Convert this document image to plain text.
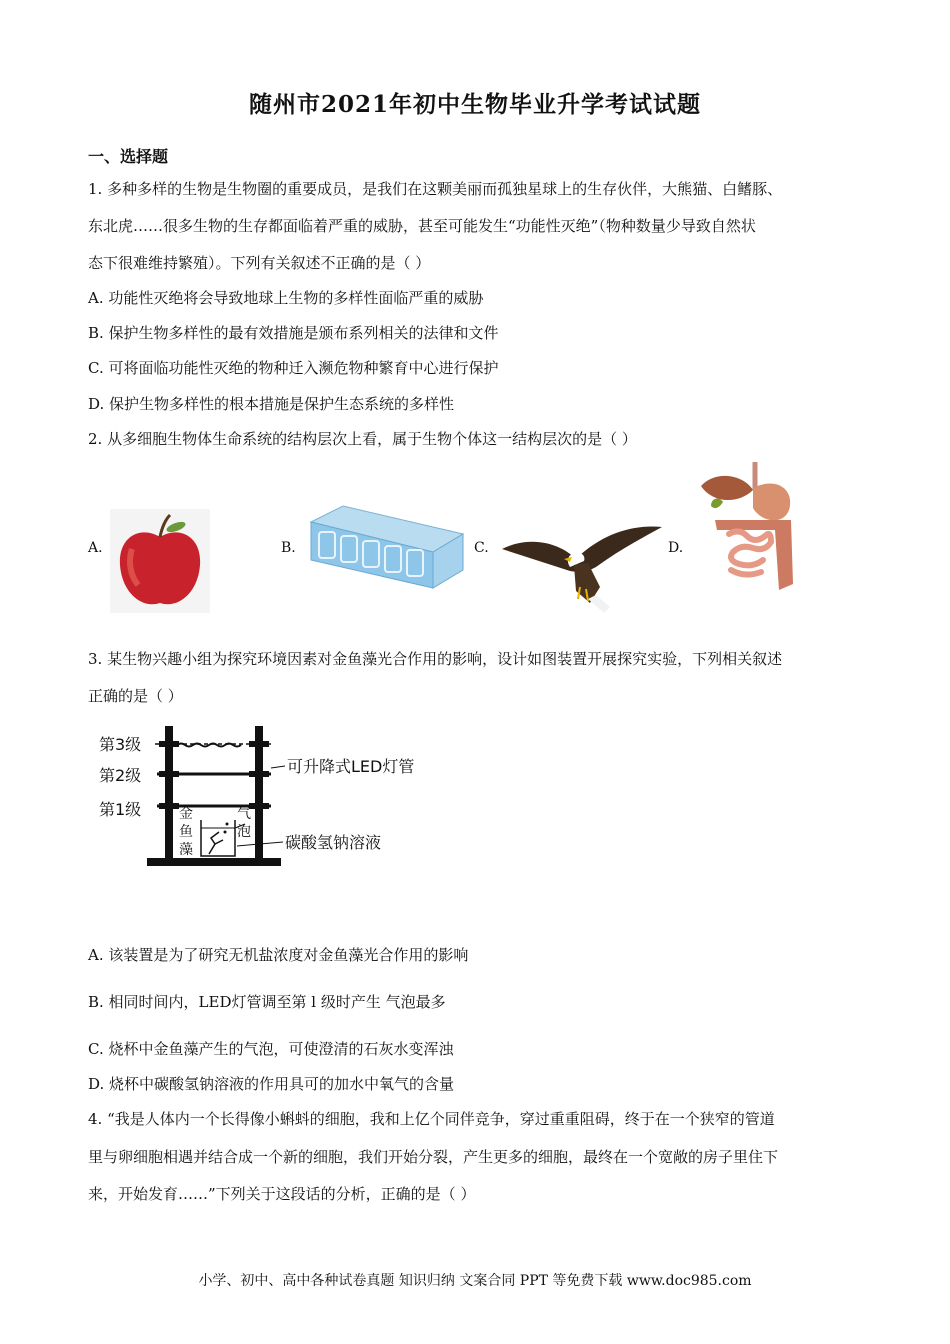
随州市2021年初中生物毕业升学考试试题
一、选择题
1. 多种多样的生物是生物圈的重要成员，是我们在这颗美丽而孤独星球上的生存伙伴，大熊猫、白鳍豚、
东北虎……很多生物的生存都面临着严重的威胁，甚至可能发生“功能性灭绝”（物种数量少导致自然状
态下很难维持繁殖）。下列有关叙述不正确的是（ ）
A. 功能性灭绝将会导致地球上生物的多样性面临严重的威胁
B. 保护生物多样性的最有效措施是颁布系列相关的法律和文件
C. 可将面临功能性灭绝的物种迁入濒危物种繁育中心进行保护
D. 保护生物多样性的根本措施是保护生态系统的多样性
2. 从多细胞生物体生命系统的结构层次上看，属于生物个体这一结构层次的是（ ）
A.	B.	C.	D.
3. 某生物兴趣小组为探究环境因素对金鱼藻光合作用的影响，设计如图装置开展探究实验，下列相关叙述
正确的是（ ）
第3级
第2级
第1级
可升降式LED灯管
金
鱼
藻
气
泡
碳酸氢钠溶液
A. 该装置是为了研究无机盐浓度对金鱼藻光合作用的影响
B. 相同时间内，LED灯管调至第 l 级时产生 气泡最多
C. 烧杯中金鱼藻产生的气泡，可使澄清的石灰水变浑浊
D. 烧杯中碳酸氢钠溶液的作用具可的加水中氧气的含量
4. “我是人体内一个长得像小蝌蚪的细胞，我和上亿个同伴竞争，穿过重重阻碍，终于在一个狭窄的管道
里与卵细胞相遇并结合成一个新的细胞，我们开始分裂，产生更多的细胞，最终在一个宽敞的房子里住下
来，开始发育……”下列关于这段话的分析，正确的是（ ）
小学、初中、高中各种试卷真题 知识归纳 文案合同 PPT 等免费下载 www.doc985.com
